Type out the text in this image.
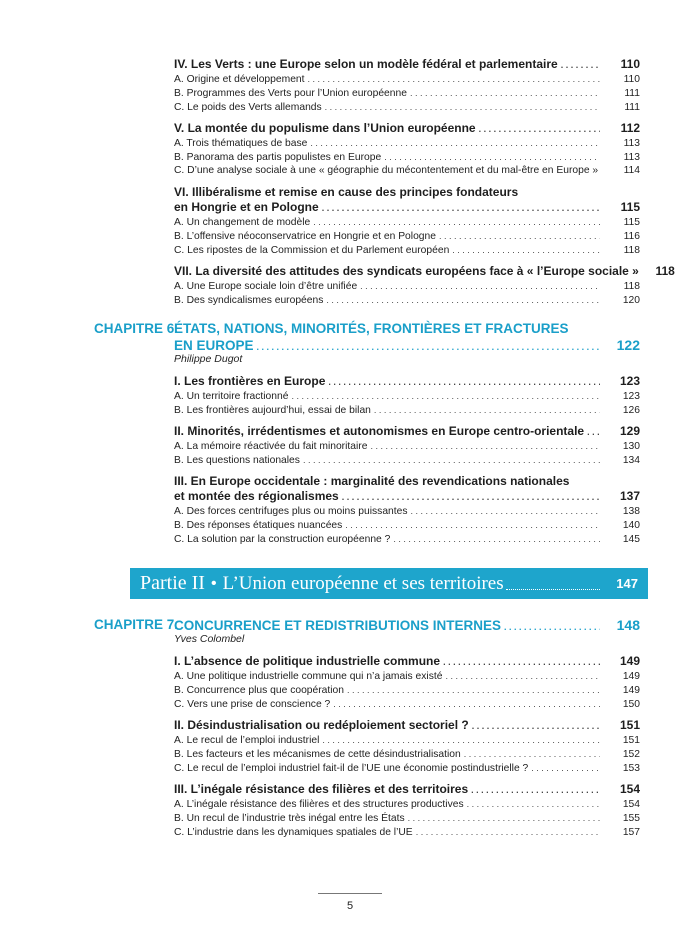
IV. Les Verts : une Europe selon un modèle fédéral et parlementaire . . .	110
A. Origine et développement . . .	110
B. Programmes des Verts pour l’Union européenne . . .	111
C. Le poids des Verts allemands . . .	111
V. La montée du populisme dans l’Union européenne . . .	112
A. Trois thématiques de base . . .	113
B. Panorama des partis populistes en Europe . . .	113
C. D’une analyse sociale à une « géographie du mécontentement et du mal-être en Europe »	114
VI. Illibéralisme et remise en cause des principes fondateurs
en Hongrie et en Pologne . . .	115
A. Un changement de modèle . . .	115
B. L’offensive néoconservatrice en Hongrie et en Pologne . . .	116
C. Les ripostes de la Commission et du Parlement européen . . .	118
VII. La diversité des attitudes des syndicats européens face à « l’Europe sociale »	118
A. Une Europe sociale loin d’être unifiée . . .	118
B. Des syndicalismes européens . . .	120
CHAPITRE 6.
ÉTATS, NATIONS, MINORITÉS, FRONTIÈRES ET FRACTURES
EN EUROPE . . .	122
Philippe Dugot
I. Les frontières en Europe . . .	123
A. Un territoire fractionné . . .	123
B. Les frontières aujourd’hui, essai de bilan . . .	126
II. Minorités, irrédentismes et autonomismes en Europe centro-orientale . . .	129
A. La mémoire réactivée du fait minoritaire . . .	130
B. Les questions nationales . . .	134
III. En Europe occidentale : marginalité des revendications nationales
et montée des régionalismes . . .	137
A. Des forces centrifuges plus ou moins puissantes . . .	138
B. Des réponses étatiques nuancées . . .	140
C. La solution par la construction européenne ? . . .	145
Partie II • L’Union européenne et ses territoires	147
CHAPITRE 7.
CONCURRENCE ET REDISTRIBUTIONS INTERNES . . .	148
Yves Colombel
I. L’absence de politique industrielle commune . . .	149
A. Une politique industrielle commune qui n’a jamais existé . . .	149
B. Concurrence plus que coopération . . .	149
C. Vers une prise de conscience ? . . .	150
II. Désindustrialisation ou redéploiement sectoriel ? . . .	151
A. Le recul de l’emploi industriel . . .	151
B. Les facteurs et les mécanismes de cette désindustrialisation . . .	152
C. Le recul de l’emploi industriel fait-il de l’UE une économie postindustrielle ? . . .	153
III. L’inégale résistance des filières et des territoires . . .	154
A. L’inégale résistance des filières et des structures productives . . .	154
B. Un recul de l’industrie très inégal entre les États . . .	155
C. L’industrie dans les dynamiques spatiales de l’UE . . .	157
5
